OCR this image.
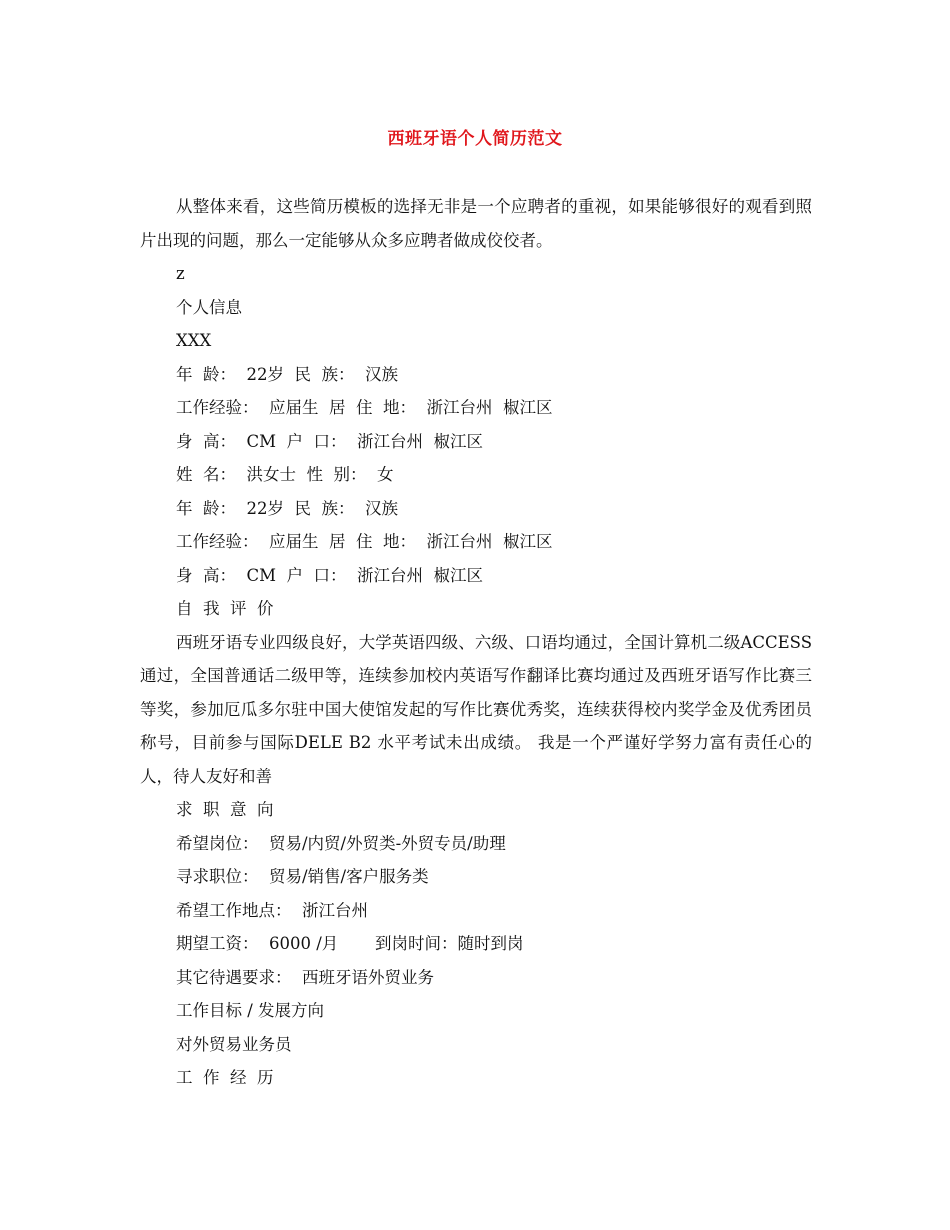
西班牙语个人简历范文

从整体来看，这些简历模板的选择无非是一个应聘者的重视，如果能够很好的观看到照片出现的问题，那么一定能够从众多应聘者做成佼佼者。

z

个人信息

XXX

年  龄：  22岁  民  族：  汉族

工作经验：  应届生  居  住  地：  浙江台州  椒江区

身  高：  CM  户  口：  浙江台州  椒江区

姓  名：  洪女士  性  别：  女

年  龄：  22岁  民  族：  汉族

工作经验：  应届生  居  住  地：  浙江台州  椒江区

身  高：  CM  户  口：  浙江台州  椒江区

自  我  评  价

西班牙语专业四级良好，大学英语四级、六级、口语均通过，全国计算机二级ACCESS通过，全国普通话二级甲等，连续参加校内英语写作翻译比赛均通过及西班牙语写作比赛三等奖，参加厄瓜多尔驻中国大使馆发起的写作比赛优秀奖，连续获得校内奖学金及优秀团员称号，目前参与国际DELE B2 水平考试未出成绩。 我是一个严谨好学努力富有责任心的人，待人友好和善

求  职  意  向

希望岗位：  贸易/内贸/外贸类-外贸专员/助理

寻求职位：  贸易/销售/客户服务类

希望工作地点：  浙江台州

期望工资：  6000 /月       到岗时间：随时到岗

其它待遇要求：  西班牙语外贸业务

工作目标 / 发展方向

对外贸易业务员

工  作  经  历
